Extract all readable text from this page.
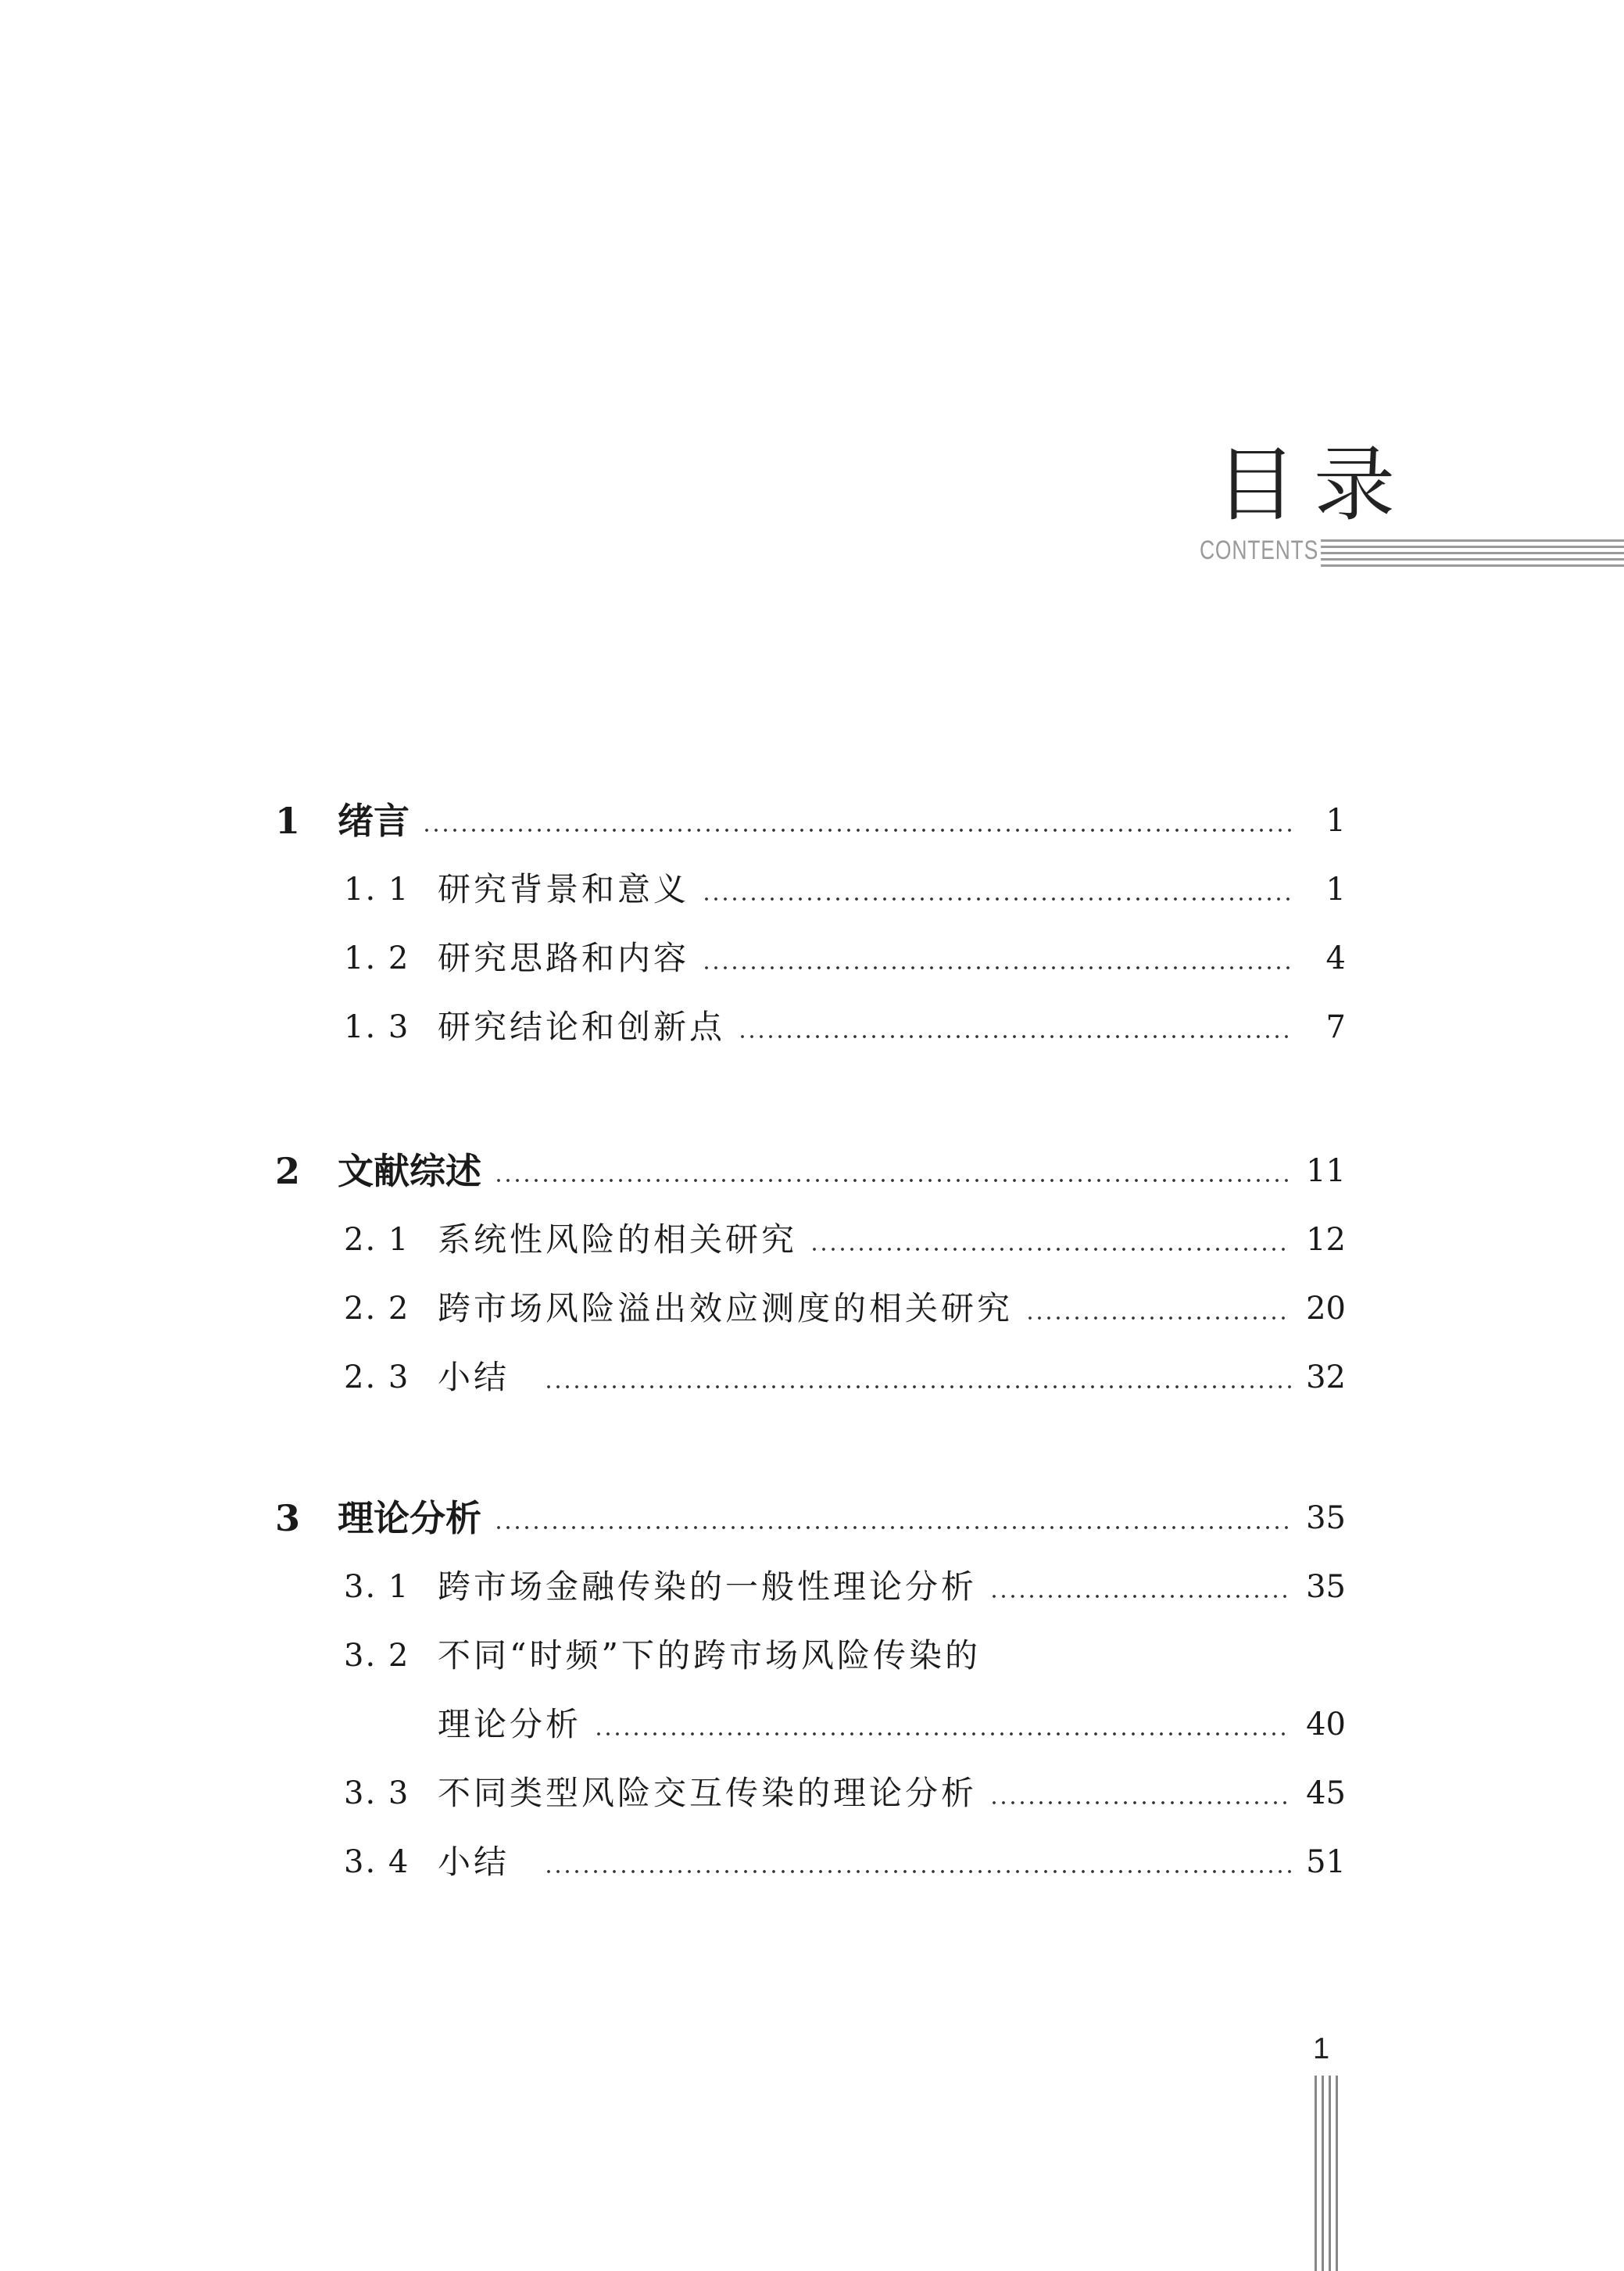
目录
CONTENTS
1 绪言	1
1. 1 研究背景和意义	1
1. 2 研究思路和内容	4
1. 3 研究结论和创新点	7
2 文献综述	11
2. 1 系统性风险的相关研究	12
2. 2 跨市场风险溢出效应测度的相关研究	20
2. 3 小结	32
3 理论分析	35
3. 1 跨市场金融传染的一般性理论分析	35
3. 2 不同“时频”下的跨市场风险传染的
理论分析	40
3. 3 不同类型风险交互传染的理论分析	45
3. 4 小结	51
1
